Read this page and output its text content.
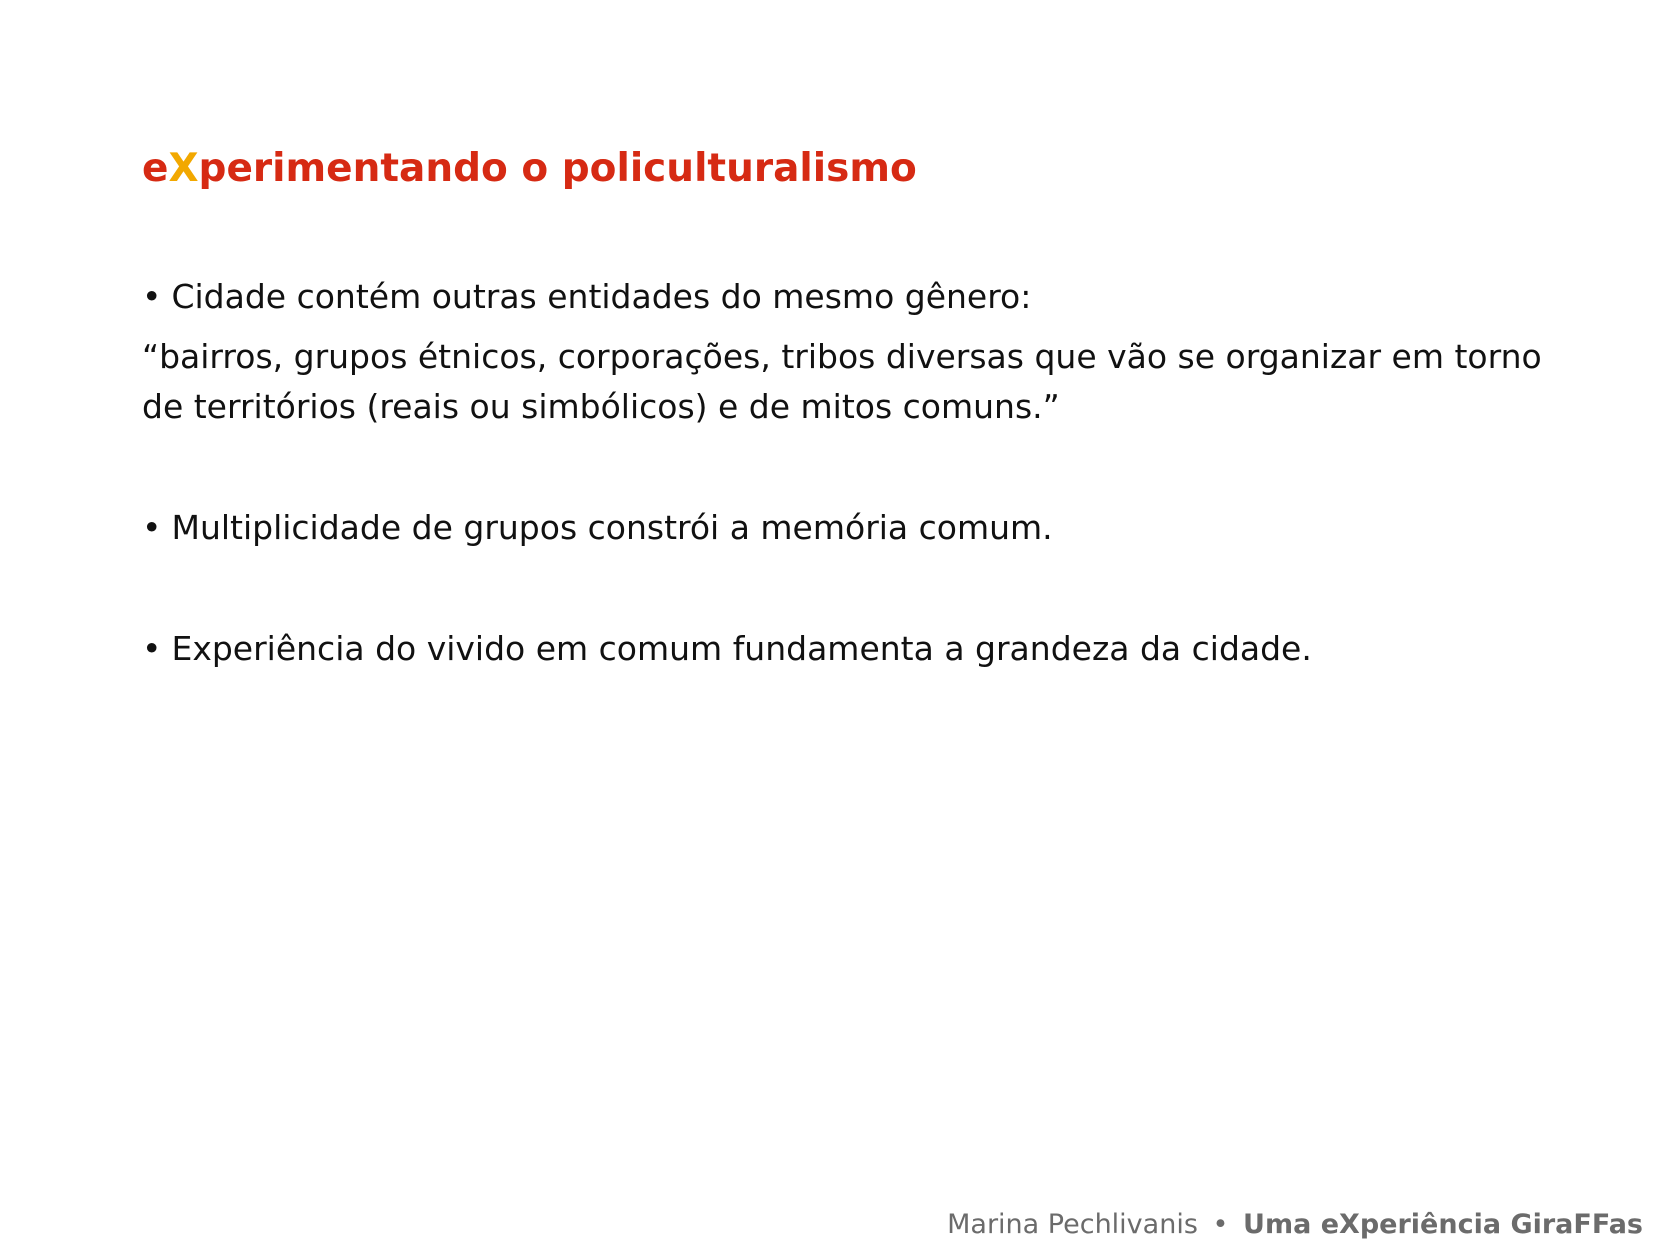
eXperimentando o policulturalismo

• Cidade contém outras entidades do mesmo gênero:

“bairros, grupos étnicos, corporações, tribos diversas que vão se organizar em torno de territórios (reais ou simbólicos) e de mitos comuns.”

• Multiplicidade de grupos constrói a memória comum.

• Experiência do vivido em comum fundamenta a grandeza da cidade.

Marina Pechlivanis • Uma eXperiência GiraFFas
